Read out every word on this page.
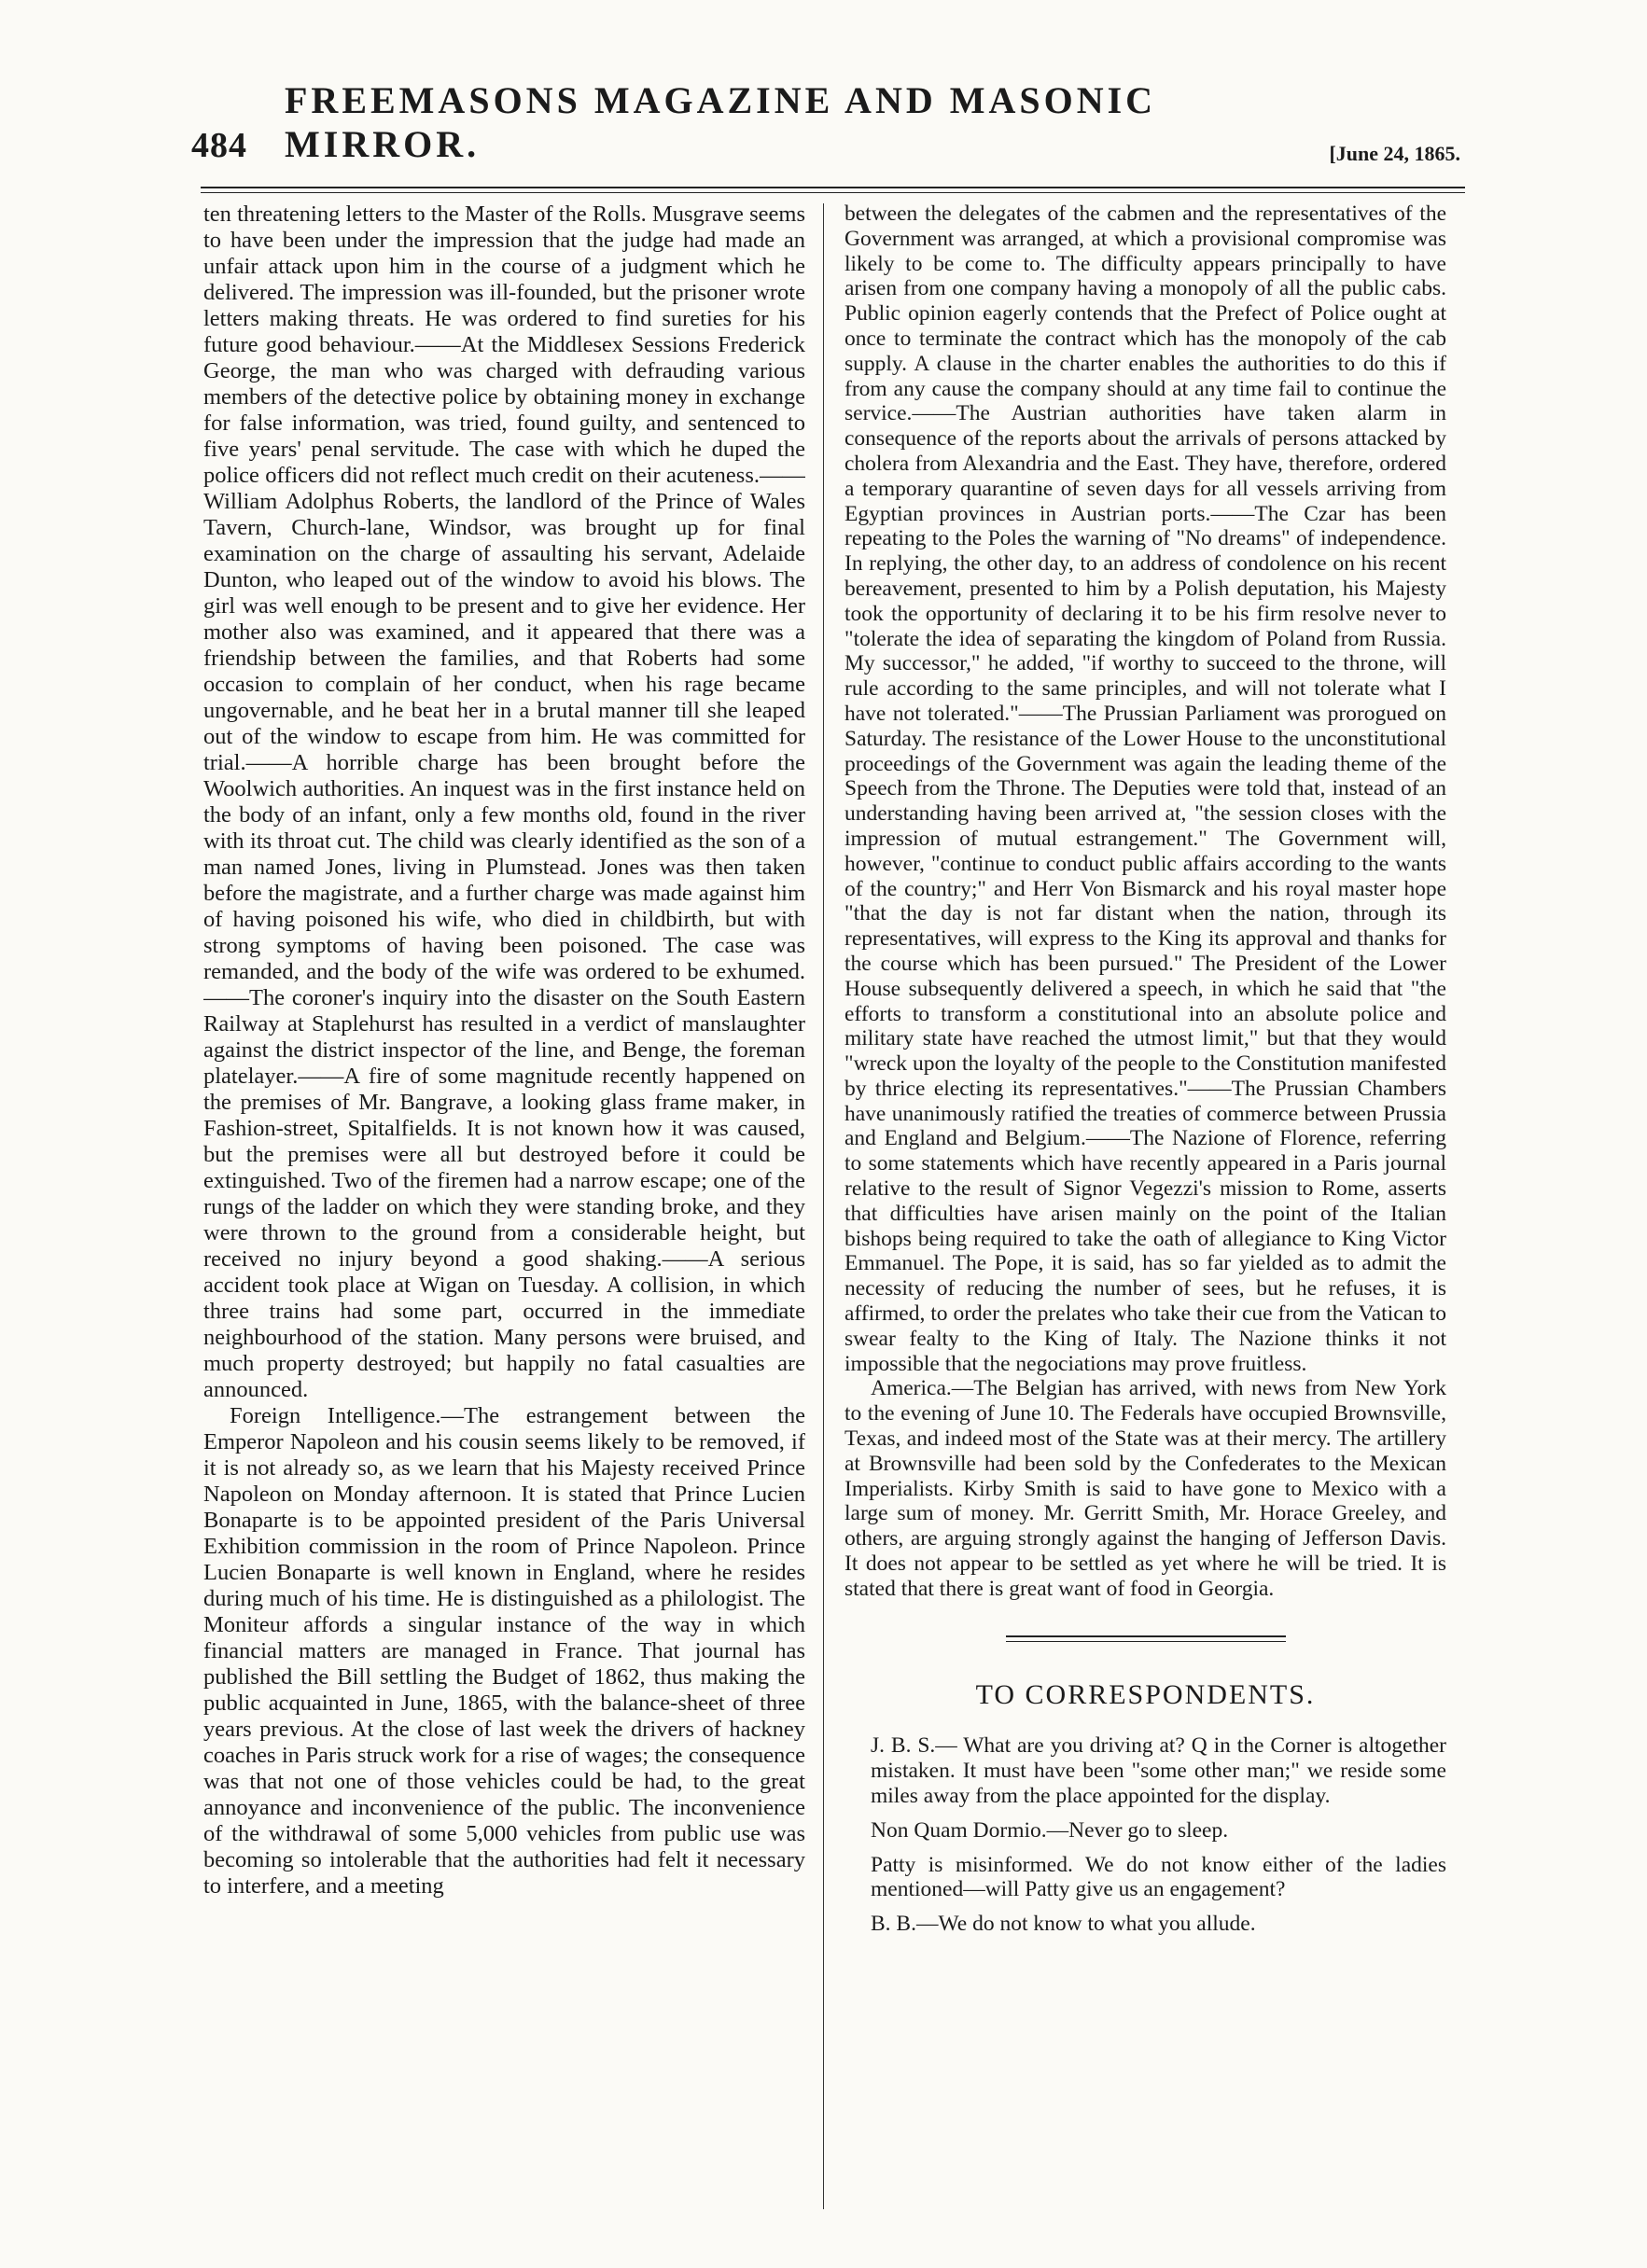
484
FREEMASONS MAGAZINE AND MASONIC MIRROR.	[June 24, 1865.

ten threatening letters to the Master of the Rolls. Musgrave seems to have been under the impression that the judge had made an unfair attack upon him in the course of a judgment which he delivered. The impression was ill-founded, but the prisoner wrote letters making threats. He was ordered to find sureties for his future good behaviour.——At the Middlesex Sessions Frederick George, the man who was charged with defrauding various members of the detective police by obtaining money in exchange for false information, was tried, found guilty, and sentenced to five years' penal servitude. The case with which he duped the police officers did not reflect much credit on their acuteness.——William Adolphus Roberts, the landlord of the Prince of Wales Tavern, Church-lane, Windsor, was brought up for final examination on the charge of assaulting his servant, Adelaide Dunton, who leaped out of the window to avoid his blows. The girl was well enough to be present and to give her evidence. Her mother also was examined, and it appeared that there was a friendship between the families, and that Roberts had some occasion to complain of her conduct, when his rage became ungovernable, and he beat her in a brutal manner till she leaped out of the window to escape from him. He was committed for trial.——A horrible charge has been brought before the Woolwich authorities. An inquest was in the first instance held on the body of an infant, only a few months old, found in the river with its throat cut. The child was clearly identified as the son of a man named Jones, living in Plumstead. Jones was then taken before the magistrate, and a further charge was made against him of having poisoned his wife, who died in childbirth, but with strong symptoms of having been poisoned. The case was remanded, and the body of the wife was ordered to be exhumed.——The coroner's inquiry into the disaster on the South Eastern Railway at Staplehurst has resulted in a verdict of manslaughter against the district inspector of the line, and Benge, the foreman platelayer.——A fire of some magnitude recently happened on the premises of Mr. Bangrave, a looking glass frame maker, in Fashion-street, Spitalfields. It is not known how it was caused, but the premises were all but destroyed before it could be extinguished. Two of the firemen had a narrow escape; one of the rungs of the ladder on which they were standing broke, and they were thrown to the ground from a considerable height, but received no injury beyond a good shaking.——A serious accident took place at Wigan on Tuesday. A collision, in which three trains had some part, occurred in the immediate neighbourhood of the station. Many persons were bruised, and much property destroyed; but happily no fatal casualties are announced.

Foreign Intelligence.—The estrangement between the Emperor Napoleon and his cousin seems likely to be removed, if it is not already so, as we learn that his Majesty received Prince Napoleon on Monday afternoon. It is stated that Prince Lucien Bonaparte is to be appointed president of the Paris Universal Exhibition commission in the room of Prince Napoleon. Prince Lucien Bonaparte is well known in England, where he resides during much of his time. He is distinguished as a philologist. The Moniteur affords a singular instance of the way in which financial matters are managed in France. That journal has published the Bill settling the Budget of 1862, thus making the public acquainted in June, 1865, with the balance-sheet of three years previous. At the close of last week the drivers of hackney coaches in Paris struck work for a rise of wages; the consequence was that not one of those vehicles could be had, to the great annoyance and inconvenience of the public. The inconvenience of the withdrawal of some 5,000 vehicles from public use was becoming so intolerable that the authorities had felt it necessary to interfere, and a meeting

between the delegates of the cabmen and the representatives of the Government was arranged, at which a provisional compromise was likely to be come to. The difficulty appears principally to have arisen from one company having a monopoly of all the public cabs. Public opinion eagerly contends that the Prefect of Police ought at once to terminate the contract which has the monopoly of the cab supply. A clause in the charter enables the authorities to do this if from any cause the company should at any time fail to continue the service.——The Austrian authorities have taken alarm in consequence of the reports about the arrivals of persons attacked by cholera from Alexandria and the East. They have, therefore, ordered a temporary quarantine of seven days for all vessels arriving from Egyptian provinces in Austrian ports.——The Czar has been repeating to the Poles the warning of "No dreams" of independence. In replying, the other day, to an address of condolence on his recent bereavement, presented to him by a Polish deputation, his Majesty took the opportunity of declaring it to be his firm resolve never to "tolerate the idea of separating the kingdom of Poland from Russia. My successor," he added, "if worthy to succeed to the throne, will rule according to the same principles, and will not tolerate what I have not tolerated."——The Prussian Parliament was prorogued on Saturday. The resistance of the Lower House to the unconstitutional proceedings of the Government was again the leading theme of the Speech from the Throne. The Deputies were told that, instead of an understanding having been arrived at, "the session closes with the impression of mutual estrangement." The Government will, however, "continue to conduct public affairs according to the wants of the country;" and Herr Von Bismarck and his royal master hope "that the day is not far distant when the nation, through its representatives, will express to the King its approval and thanks for the course which has been pursued." The President of the Lower House subsequently delivered a speech, in which he said that "the efforts to transform a constitutional into an absolute police and military state have reached the utmost limit," but that they would "wreck upon the loyalty of the people to the Constitution manifested by thrice electing its representatives."——The Prussian Chambers have unanimously ratified the treaties of commerce between Prussia and England and Belgium.——The Nazione of Florence, referring to some statements which have recently appeared in a Paris journal relative to the result of Signor Vegezzi's mission to Rome, asserts that difficulties have arisen mainly on the point of the Italian bishops being required to take the oath of allegiance to King Victor Emmanuel. The Pope, it is said, has so far yielded as to admit the necessity of reducing the number of sees, but he refuses, it is affirmed, to order the prelates who take their cue from the Vatican to swear fealty to the King of Italy. The Nazione thinks it not impossible that the negociations may prove fruitless.

America.—The Belgian has arrived, with news from New York to the evening of June 10. The Federals have occupied Brownsville, Texas, and indeed most of the State was at their mercy. The artillery at Brownsville had been sold by the Confederates to the Mexican Imperialists. Kirby Smith is said to have gone to Mexico with a large sum of money. Mr. Gerritt Smith, Mr. Horace Greeley, and others, are arguing strongly against the hanging of Jefferson Davis. It does not appear to be settled as yet where he will be tried. It is stated that there is great want of food in Georgia.

TO CORRESPONDENTS.

J. B. S.— What are you driving at? Q in the Corner is altogether mistaken. It must have been "some other man;" we reside some miles away from the place appointed for the display.

Non Quam Dormio.—Never go to sleep.

Patty is misinformed. We do not know either of the ladies mentioned—will Patty give us an engagement?

B. B.—We do not know to what you allude.
